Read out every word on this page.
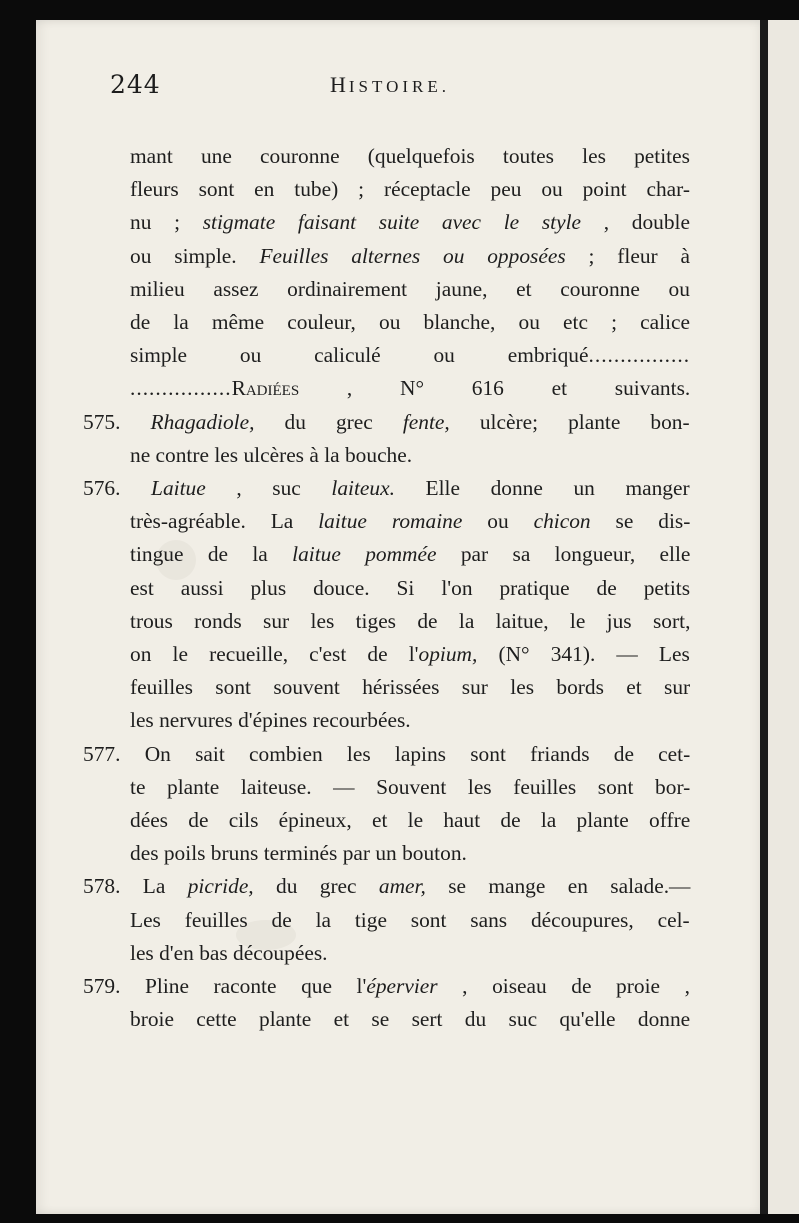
244	HISTOIRE.
mant une couronne (quelquefois toutes les petites
fleurs sont en tube) ; réceptacle peu ou point char-
nu ; stigmate faisant suite avec le style , double
ou simple. Feuilles alternes ou opposées ; fleur à
milieu assez ordinairement jaune, et couronne ou
de la même couleur, ou blanche, ou etc ; calice
simple ou caliculé ou embriqué................
................Radiées , N° 616 et suivants.
575. Rhagadiole, du grec fente, ulcère; plante bon-
ne contre les ulcères à la bouche.
576. Laitue , suc laiteux. Elle donne un manger
très-agréable. La laitue romaine ou chicon se dis-
tingue de la laitue pommée par sa longueur, elle
est aussi plus douce. Si l'on pratique de petits
trous ronds sur les tiges de la laitue, le jus sort,
on le recueille, c'est de l'opium, (N° 341). — Les
feuilles sont souvent hérissées sur les bords et sur
les nervures d'épines recourbées.
577. On sait combien les lapins sont friands de cet-
te plante laiteuse. — Souvent les feuilles sont bor-
dées de cils épineux, et le haut de la plante offre
des poils bruns terminés par un bouton.
578. La picride, du grec amer, se mange en salade.—
Les feuilles de la tige sont sans découpures, cel-
les d'en bas découpées.
579. Pline raconte que l'épervier , oiseau de proie ,
broie cette plante et se sert du suc qu'elle donne
